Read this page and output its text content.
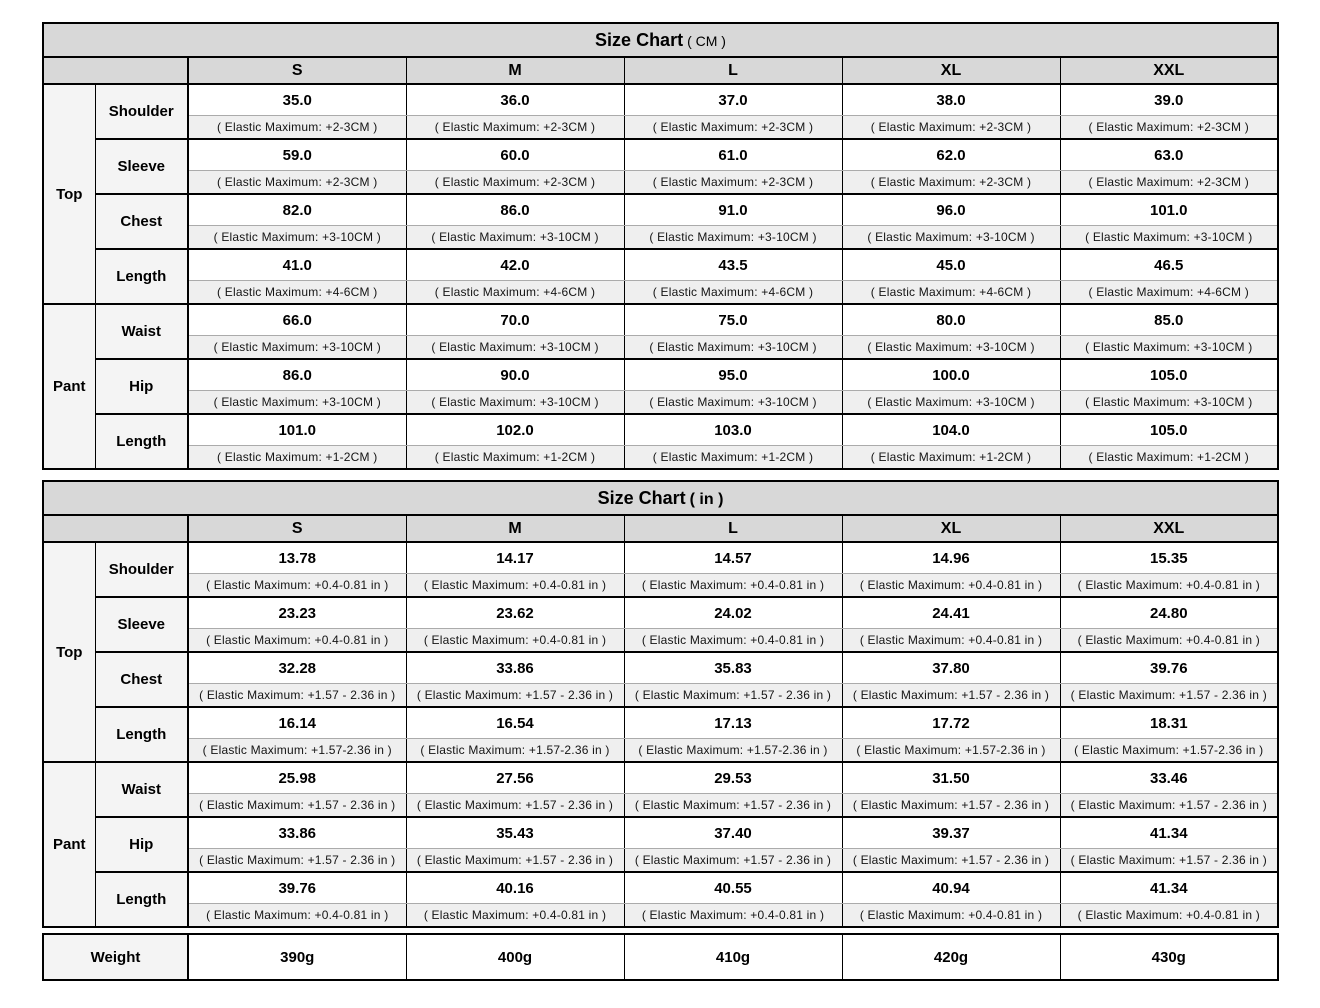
Size Chart ( CM )						
		S	M	L	XL	XXL
Top	Shoulder	35.0	36.0	37.0	38.0	39.0
		( Elastic Maximum: +2-3CM )	( Elastic Maximum: +2-3CM )	( Elastic Maximum: +2-3CM )	( Elastic Maximum: +2-3CM )	( Elastic Maximum: +2-3CM )
	Sleeve	59.0	60.0	61.0	62.0	63.0
		( Elastic Maximum: +2-3CM )	( Elastic Maximum: +2-3CM )	( Elastic Maximum: +2-3CM )	( Elastic Maximum: +2-3CM )	( Elastic Maximum: +2-3CM )
	Chest	82.0	86.0	91.0	96.0	101.0
		( Elastic Maximum: +3-10CM )	( Elastic Maximum: +3-10CM )	( Elastic Maximum: +3-10CM )	( Elastic Maximum: +3-10CM )	( Elastic Maximum: +3-10CM )
	Length	41.0	42.0	43.5	45.0	46.5
		( Elastic Maximum: +4-6CM )	( Elastic Maximum: +4-6CM )	( Elastic Maximum: +4-6CM )	( Elastic Maximum: +4-6CM )	( Elastic Maximum: +4-6CM )
Pant	Waist	66.0	70.0	75.0	80.0	85.0
		( Elastic Maximum: +3-10CM )	( Elastic Maximum: +3-10CM )	( Elastic Maximum: +3-10CM )	( Elastic Maximum: +3-10CM )	( Elastic Maximum: +3-10CM )
	Hip	86.0	90.0	95.0	100.0	105.0
		( Elastic Maximum: +3-10CM )	( Elastic Maximum: +3-10CM )	( Elastic Maximum: +3-10CM )	( Elastic Maximum: +3-10CM )	( Elastic Maximum: +3-10CM )
	Length	101.0	102.0	103.0	104.0	105.0
		( Elastic Maximum: +1-2CM )	( Elastic Maximum: +1-2CM )	( Elastic Maximum: +1-2CM )	( Elastic Maximum: +1-2CM )	( Elastic Maximum: +1-2CM )
Size Chart ( in )						
		S	M	L	XL	XXL
Top	Shoulder	13.78	14.17	14.57	14.96	15.35
		( Elastic Maximum: +0.4-0.81 in )	( Elastic Maximum: +0.4-0.81 in )	( Elastic Maximum: +0.4-0.81 in )	( Elastic Maximum: +0.4-0.81 in )	( Elastic Maximum: +0.4-0.81 in )
	Sleeve	23.23	23.62	24.02	24.41	24.80
		( Elastic Maximum: +0.4-0.81 in )	( Elastic Maximum: +0.4-0.81 in )	( Elastic Maximum: +0.4-0.81 in )	( Elastic Maximum: +0.4-0.81 in )	( Elastic Maximum: +0.4-0.81 in )
	Chest	32.28	33.86	35.83	37.80	39.76
		( Elastic Maximum: +1.57 - 2.36 in )	( Elastic Maximum: +1.57 - 2.36 in )	( Elastic Maximum: +1.57 - 2.36 in )	( Elastic Maximum: +1.57 - 2.36 in )	( Elastic Maximum: +1.57 - 2.36 in )
	Length	16.14	16.54	17.13	17.72	18.31
		( Elastic Maximum: +1.57-2.36 in )	( Elastic Maximum: +1.57-2.36 in )	( Elastic Maximum: +1.57-2.36 in )	( Elastic Maximum: +1.57-2.36 in )	( Elastic Maximum: +1.57-2.36 in )
Pant	Waist	25.98	27.56	29.53	31.50	33.46
		( Elastic Maximum: +1.57 - 2.36 in )	( Elastic Maximum: +1.57 - 2.36 in )	( Elastic Maximum: +1.57 - 2.36 in )	( Elastic Maximum: +1.57 - 2.36 in )	( Elastic Maximum: +1.57 - 2.36 in )
	Hip	33.86	35.43	37.40	39.37	41.34
		( Elastic Maximum: +1.57 - 2.36 in )	( Elastic Maximum: +1.57 - 2.36 in )	( Elastic Maximum: +1.57 - 2.36 in )	( Elastic Maximum: +1.57 - 2.36 in )	( Elastic Maximum: +1.57 - 2.36 in )
	Length	39.76	40.16	40.55	40.94	41.34
		( Elastic Maximum: +0.4-0.81 in )	( Elastic Maximum: +0.4-0.81 in )	( Elastic Maximum: +0.4-0.81 in )	( Elastic Maximum: +0.4-0.81 in )	( Elastic Maximum: +0.4-0.81 in )
Weight	390g	400g	410g	420g	430g
